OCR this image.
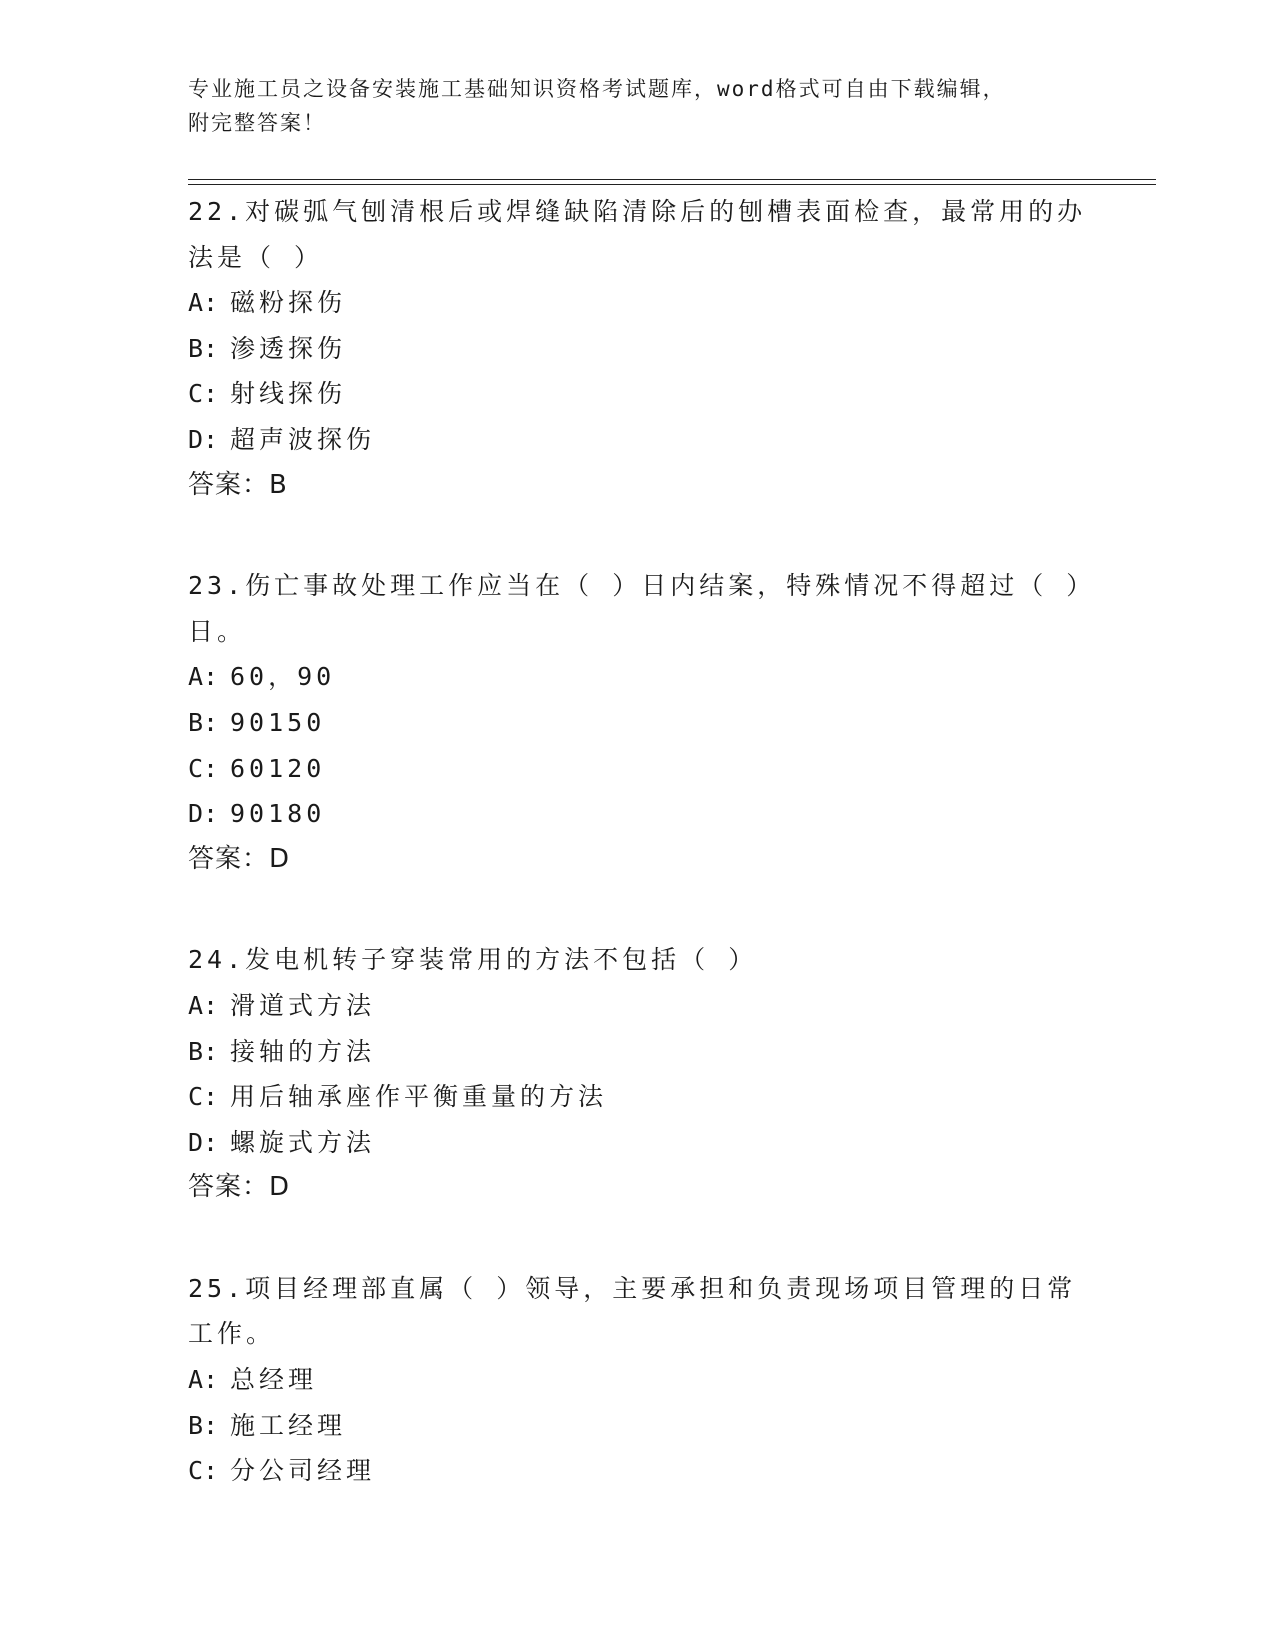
专业施工员之设备安装施工基础知识资格考试题库，word格式可自由下载编辑，
附完整答案！
22.对碳弧气刨清根后或焊缝缺陷清除后的刨槽表面检查，最常用的办
法是（ ）
A: 磁粉探伤
B: 渗透探伤
C: 射线探伤
D: 超声波探伤
答案：B
23.伤亡事故处理工作应当在（ ）日内结案，特殊情况不得超过（ ）
日。
A: 60，90
B: 90150
C: 60120
D: 90180
答案：D
24.发电机转子穿装常用的方法不包括（ ）
A: 滑道式方法
B: 接轴的方法
C: 用后轴承座作平衡重量的方法
D: 螺旋式方法
答案：D
25.项目经理部直属（ ）领导，主要承担和负责现场项目管理的日常
工作。
A: 总经理
B: 施工经理
C: 分公司经理
